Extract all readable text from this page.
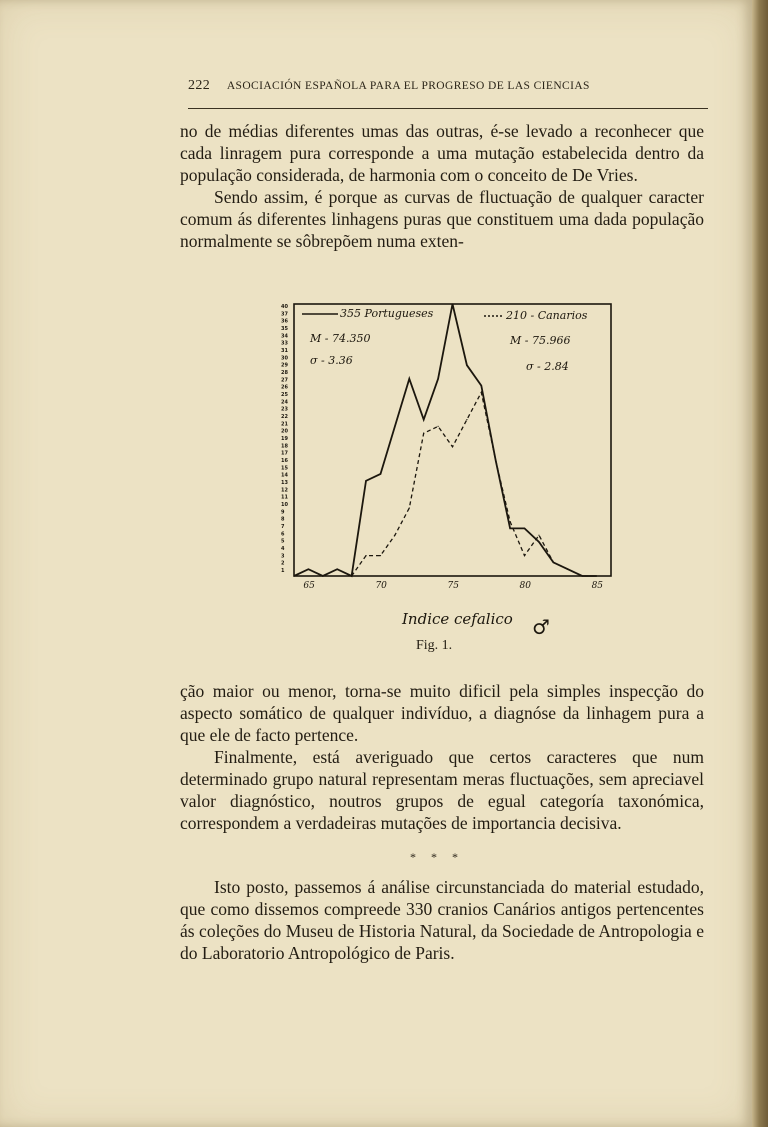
222 ASOCIACIÓN ESPAÑOLA PARA EL PROGRESO DE LAS CIENCIAS

no de médias diferentes umas das outras, é-se levado a reconhecer que cada linragem pura corresponde a uma mutação estabelecida dentro da população considerada, de harmonia com o conceito de De Vries.

Sendo assim, é porque as curvas de fluctuação de qualquer caracter comum ás diferentes linhagens puras que constituem uma dada população normalmente se sôbrepõem numa exten-

40
37
36
35
34
33
31
30
29
28
27
26
25
24
23
22
21
20
19
18
17
16
15
14
13
12
11
10
9
8
7
6
5
4
3
2
1
65	70	75	80	85
355 Portugueses
M - 74.350
σ - 3.36
210 - Canarios
M - 75.966
σ - 2.84
Indice cefalico ♂
Fig. 1.

ção maior ou menor, torna-se muito dificil pela simples inspecção do aspecto somático de qualquer indivíduo, a diagnóse da linhagem pura a que ele de facto pertence.

Finalmente, está averiguado que certos caracteres que num determinado grupo natural representam meras fluctuações, sem apreciavel valor diagnóstico, noutros grupos de egual categoría taxonómica, correspondem a verdadeiras mutações de importancia decisiva.

* * *

Isto posto, passemos á análise circunstanciada do material estudado, que como dissemos compreede 330 cranios Canários antigos pertencentes ás coleções do Museu de Historia Natural, da Sociedade de Antropologia e do Laboratorio Antropológico de Paris.
